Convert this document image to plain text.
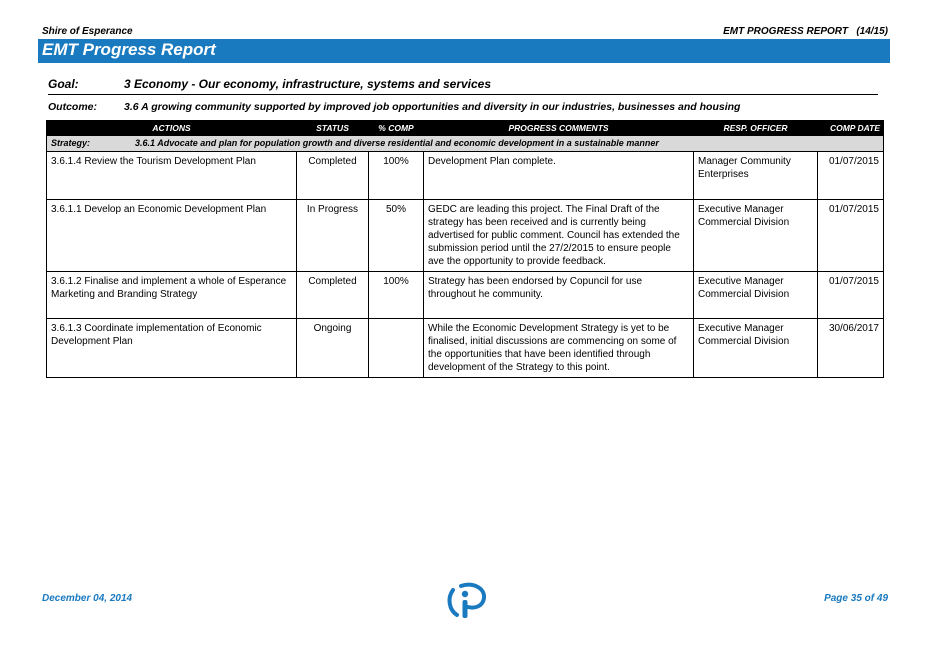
Shire of Esperance	EMT PROGRESS REPORT (14/15)
EMT Progress Report
Goal:	3 Economy - Our economy, infrastructure, systems and services
Outcome:	3.6 A growing community supported by improved job opportunities and diversity in our industries, businesses and housing
ACTIONS	STATUS	% COMP	PROGRESS COMMENTS	RESP. OFFICER	COMP DATE
Strategy: 3.6.1 Advocate and plan for population growth and diverse residential and economic development in a sustainable manner					
3.6.1.4 Review the Tourism Development Plan	Completed	100%	Development Plan complete.	Manager Community Enterprises	01/07/2015
3.6.1.1 Develop an Economic Development Plan	In Progress	50%	GEDC are leading this project. The Final Draft of the strategy has been received and is currently being advertised for public comment. Council has extended the submission period until the 27/2/2015 to ensure people ave the opportunity to provide feedback.	Executive Manager Commercial Division	01/07/2015
3.6.1.2 Finalise and implement a whole of Esperance Marketing and Branding Strategy	Completed	100%	Strategy has been endorsed by Copuncil for use throughout he community.	Executive Manager Commercial Division	01/07/2015
3.6.1.3 Coordinate implementation of Economic Development Plan	Ongoing		While the Economic Development Strategy is yet to be finalised, initial discussions are commencing on some of the opportunities that have been identified through development of the Strategy to this point.	Executive Manager Commercial Division	30/06/2017
December 04, 2014	Page 35 of 49
